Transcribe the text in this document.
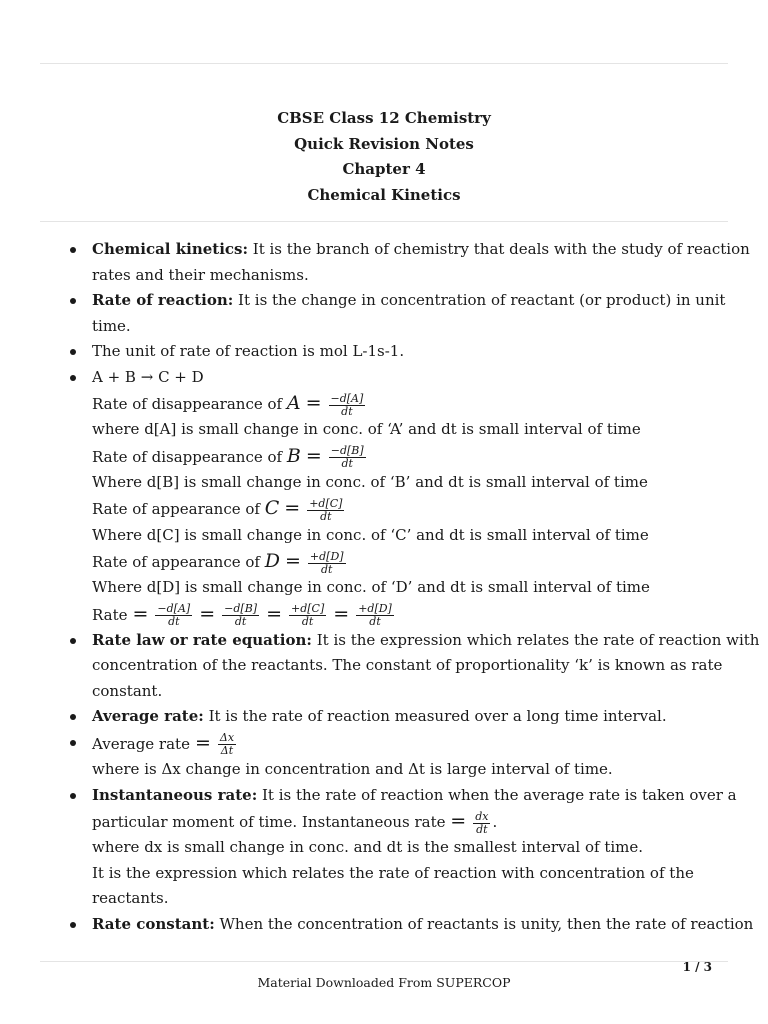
CBSE Class 12 Chemistry
Quick Revision Notes
Chapter 4
Chemical Kinetics
Chemical kinetics: It is the branch of chemistry that deals with the study of reaction
rates and their mechanisms.
Rate of reaction: It is the change in concentration of reactant (or product) in unit
time.
The unit of rate of reaction is mol L-1s-1.
A + B → C + D
Rate of disappearance of $A = \frac{-d[A]}{dt}$
where d[A] is small change in conc. of ‘A’ and dt is small interval of time
Rate of disappearance of $B = \frac{-d[B]}{dt}$
Where d[B] is small change in conc. of ‘B’ and dt is small interval of time
Rate of appearance of $C = \frac{+d[C]}{dt}$
Where d[C] is small change in conc. of ‘C’ and dt is small interval of time
Rate of appearance of $D = \frac{+d[D]}{dt}$
Where d[D] is small change in conc. of ‘D’ and dt is small interval of time
Rate = $\frac{-d[A]}{dt} = \frac{-d[B]}{dt} = \frac{+d[C]}{dt} = \frac{+d[D]}{dt}$
Rate law or rate equation: It is the expression which relates the rate of reaction with
concentration of the reactants. The constant of proportionality ‘k’ is known as rate
constant.
Average rate: It is the rate of reaction measured over a long time interval.
Average rate = $\frac{\Delta x}{\Delta t}$
where is Δx change in concentration and Δt is large interval of time.
Instantaneous rate: It is the rate of reaction when the average rate is taken over a
particular moment of time. Instantaneous rate = $\frac{dx}{dt}$ .
where dx is small change in conc. and dt is the smallest interval of time.
It is the expression which relates the rate of reaction with concentration of the
reactants.
Rate constant: When the concentration of reactants is unity, then the rate of reaction
1 / 3
Material Downloaded From SUPERCOP
